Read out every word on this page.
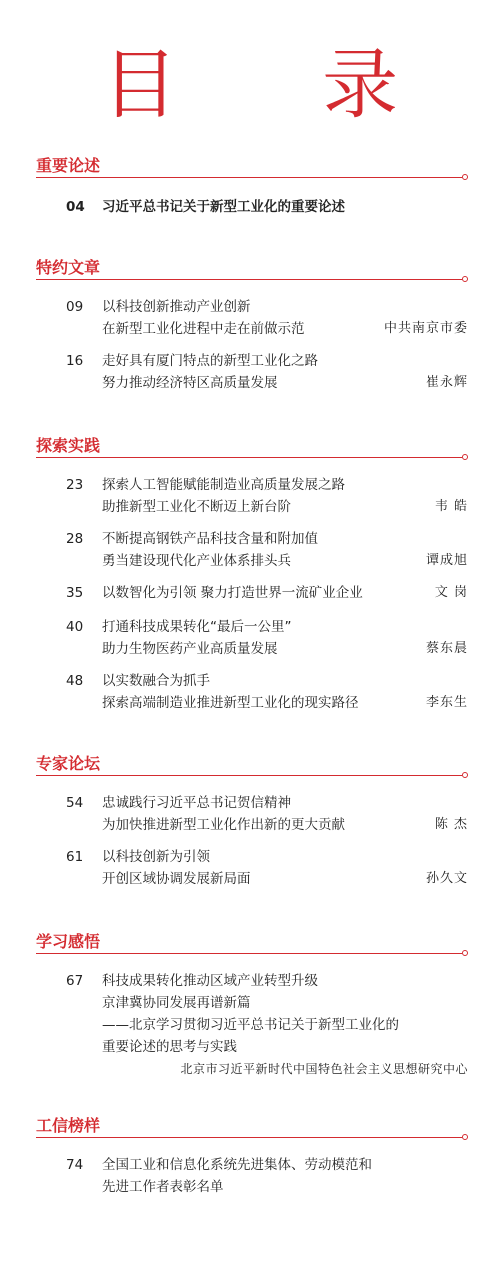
目 录
重要论述
04	习近平总书记关于新型工业化的重要论述
特约文章
09	以科技创新推动产业创新
在新型工业化进程中走在前做示范	中共南京市委
16	走好具有厦门特点的新型工业化之路
努力推动经济特区高质量发展	崔永辉
探索实践
23	探索人工智能赋能制造业高质量发展之路
助推新型工业化不断迈上新台阶	韦 皓
28	不断提高钢铁产品科技含量和附加值
勇当建设现代化产业体系排头兵	谭成旭
35	以数智化为引领 聚力打造世界一流矿业企业	文 岗
40	打通科技成果转化“最后一公里”
助力生物医药产业高质量发展	蔡东晨
48	以实数融合为抓手
探索高端制造业推进新型工业化的现实路径	李东生
专家论坛
54	忠诚践行习近平总书记贺信精神
为加快推进新型工业化作出新的更大贡献	陈 杰
61	以科技创新为引领
开创区域协调发展新局面	孙久文
学习感悟
67	科技成果转化推动区域产业转型升级
京津冀协同发展再谱新篇
——北京学习贯彻习近平总书记关于新型工业化的
重要论述的思考与实践
北京市习近平新时代中国特色社会主义思想研究中心
工信榜样
74	全国工业和信息化系统先进集体、劳动模范和
先进工作者表彰名单
